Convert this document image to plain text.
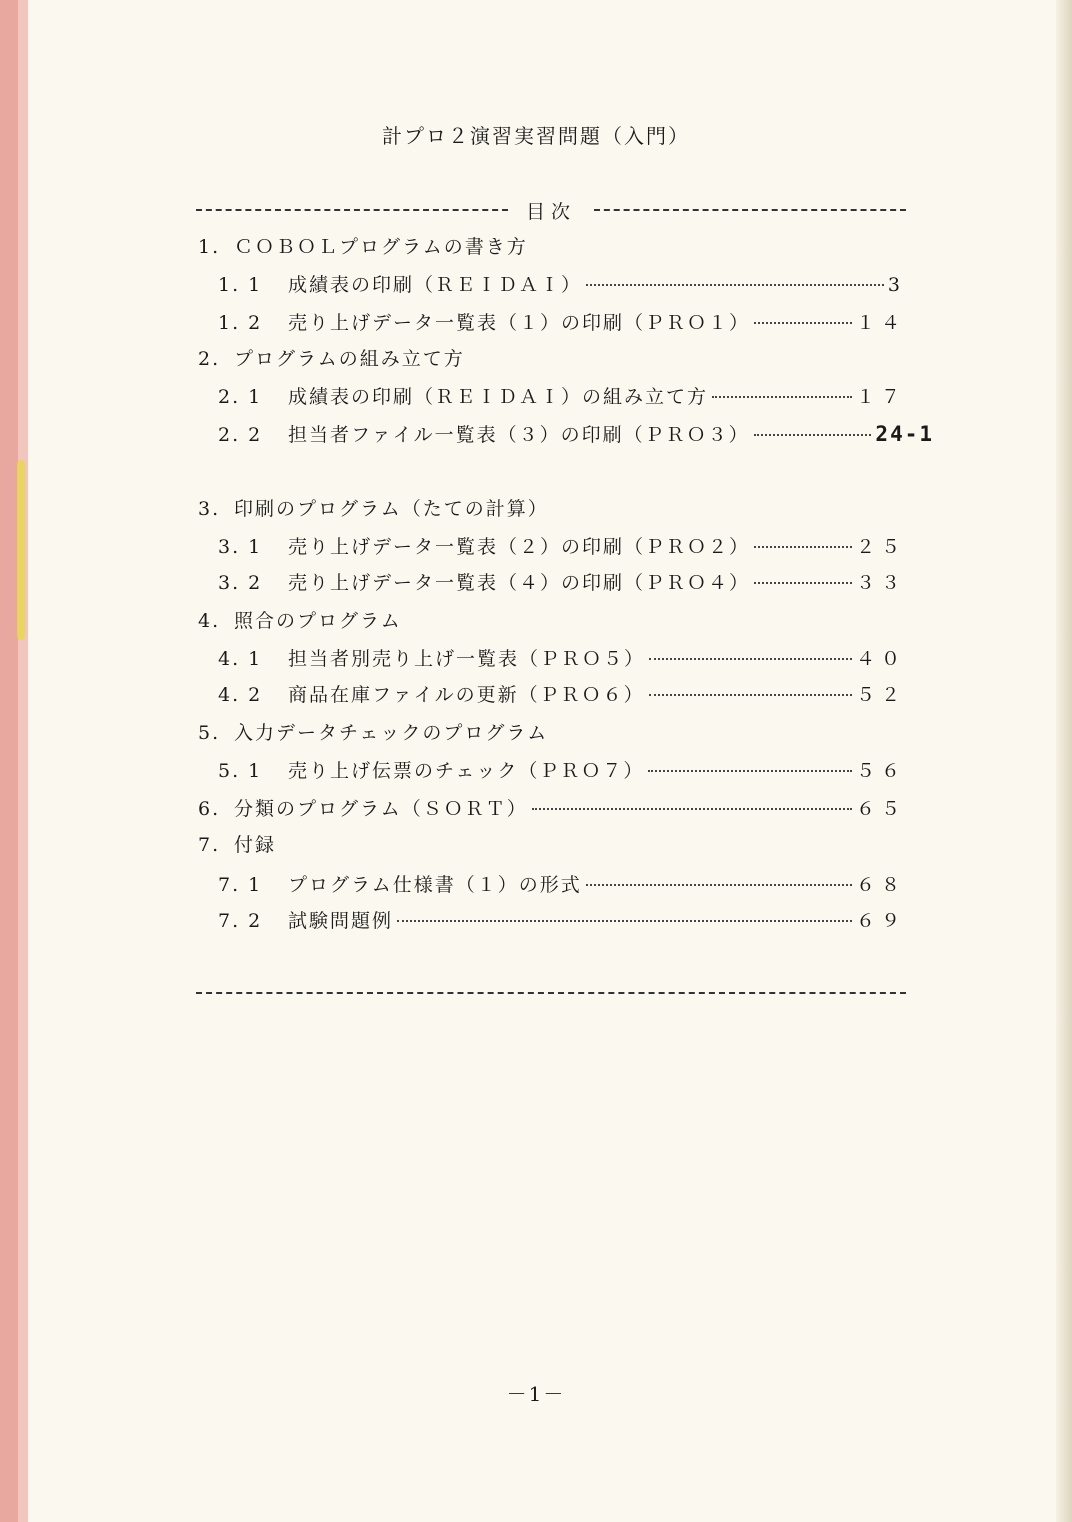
計プロ２演習実習問題（入門）
目次
1. ＣＯＢＯＬプログラムの書き方
1. 1	成績表の印刷（ＲＥＩＤＡＩ）	3
1. 2	売り上げデータ一覧表（１）の印刷（ＰＲＯ１）	１４
2. プログラムの組み立て方
2. 1	成績表の印刷（ＲＥＩＤＡＩ）の組み立て方	１７
2. 2	担当者ファイル一覧表（３）の印刷（ＰＲＯ３）	24-1
3. 印刷のプログラム（たての計算）
3. 1	売り上げデータ一覧表（２）の印刷（ＰＲＯ２）	２５
3. 2	売り上げデータ一覧表（４）の印刷（ＰＲＯ４）	３３
4. 照合のプログラム
4. 1	担当者別売り上げ一覧表（ＰＲＯ５）	４０
4. 2	商品在庫ファイルの更新（ＰＲＯ６）	５２
5. 入力データチェックのプログラム
5. 1	売り上げ伝票のチェック（ＰＲＯ７）	５６
6. 分類のプログラム（ＳＯＲＴ）	６５
7. 付録
7. 1	プログラム仕様書（１）の形式	６８
7. 2	試験問題例	６９
－1－
